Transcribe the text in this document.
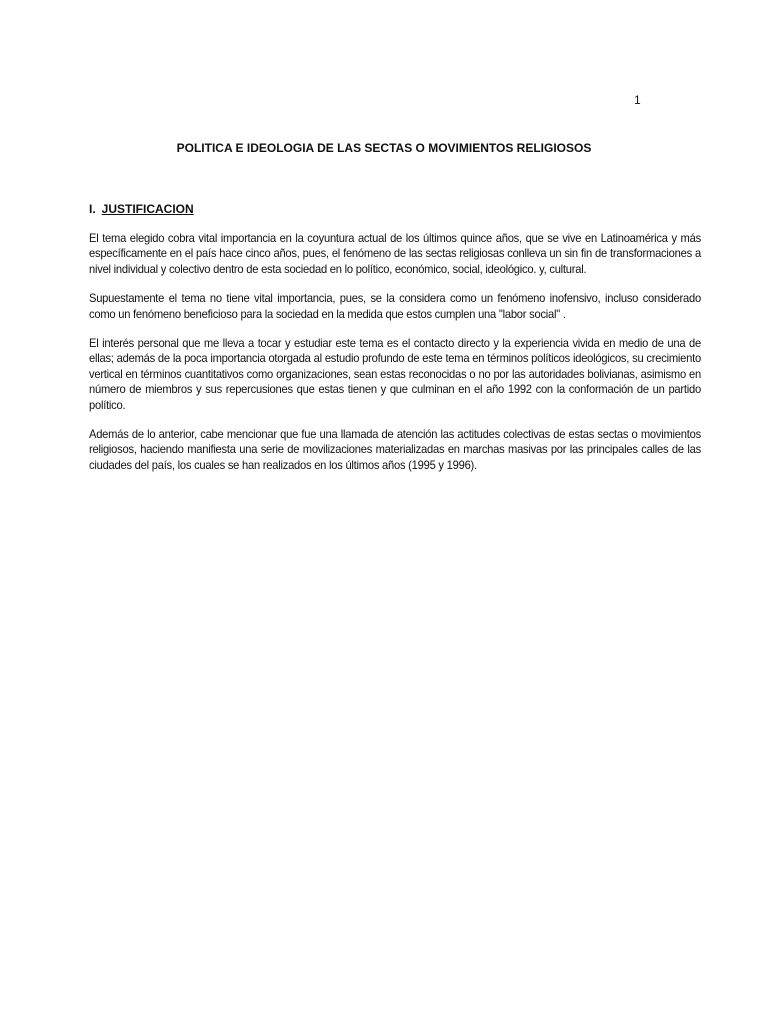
1
POLITICA E IDEOLOGIA DE LAS SECTAS O MOVIMIENTOS RELIGIOSOS
I. JUSTIFICACION

El tema elegido cobra vital importancia en la coyuntura actual de los últimos quince años, que se vive en Latinoamérica y más específicamente en el país hace cinco años, pues, el fenómeno de las sectas religiosas conlleva un sin fin de transformaciones a nivel individual y colectivo dentro de esta sociedad en lo político, económico, social, ideológico. y, cultural.

Supuestamente el tema no tiene vital importancia, pues, se la considera como un fenómeno inofensivo, incluso considerado como un fenómeno beneficioso para la sociedad en la medida que estos cumplen una "labor social" .

El interés personal que me lleva a tocar y estudiar este tema es el contacto directo y la experiencia vivida en medio de una de ellas; además de la poca importancia otorgada al estudio profundo de este tema en términos políticos ideológicos, su crecimiento vertical en términos cuantitativos como organizaciones, sean estas reconocidas o no por las autoridades bolivianas, asimismo en número de miembros y sus repercusiones que estas tienen y que culminan en el año 1992 con la conformación de un partido político.

Además de lo anterior, cabe mencionar que fue una llamada de atención las actitudes colectivas de estas sectas o movimientos religiosos, haciendo manifiesta una serie de movilizaciones materializadas en marchas masivas por las principales calles de las ciudades del país, los cuales se han realizados en los últimos años (1995 y 1996).
